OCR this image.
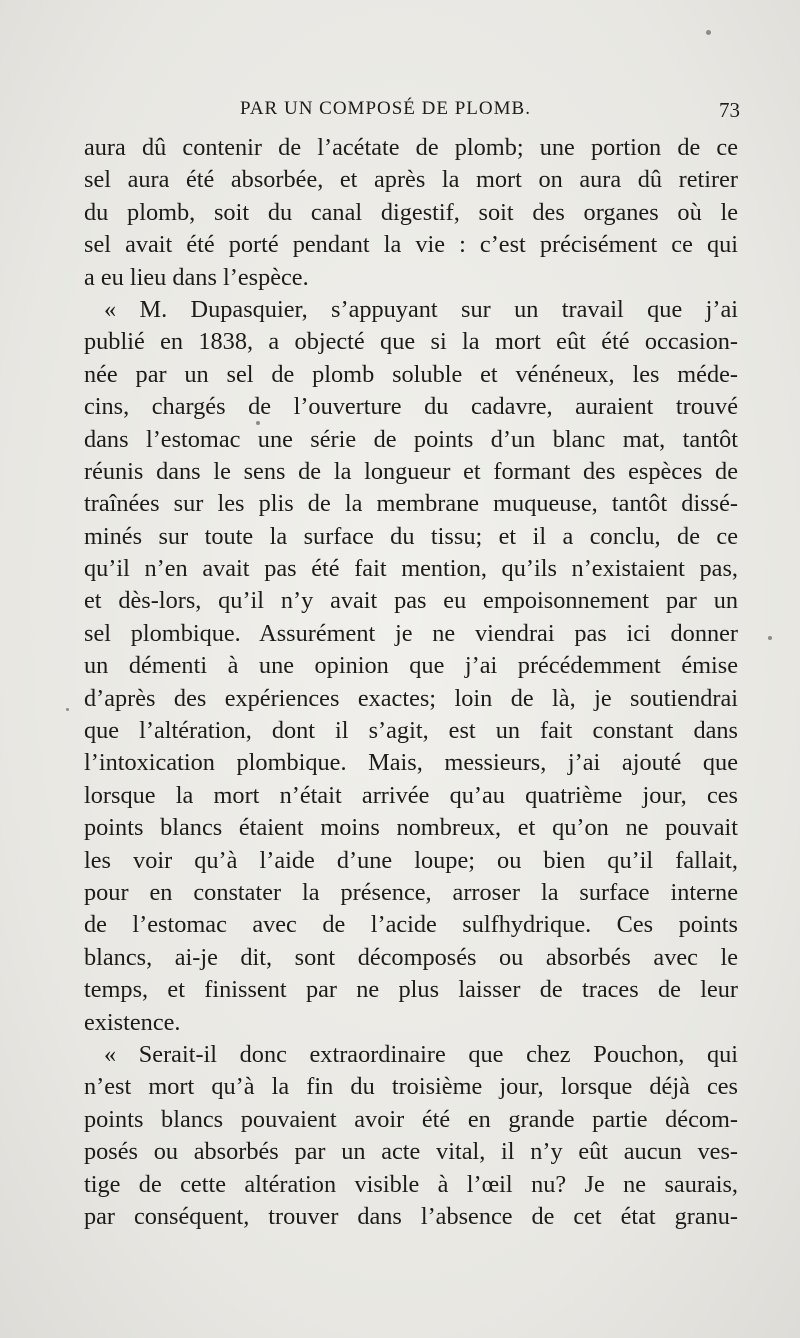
PAR UN COMPOSÉ DE PLOMB.	73
aura dû contenir de l’acétate de plomb; une portion de ce
sel aura été absorbée, et après la mort on aura dû retirer
du plomb, soit du canal digestif, soit des organes où le
sel avait été porté pendant la vie : c’est précisément ce qui
a eu lieu dans l’espèce.
« M. Dupasquier, s’appuyant sur un travail que j’ai
publié en 1838, a objecté que si la mort eût été occasion-
née par un sel de plomb soluble et vénéneux, les méde-
cins, chargés de l’ouverture du cadavre, auraient trouvé
dans l’estomac une série de points d’un blanc mat, tantôt
réunis dans le sens de la longueur et formant des espèces de
traînées sur les plis de la membrane muqueuse, tantôt dissé-
minés sur toute la surface du tissu; et il a conclu, de ce
qu’il n’en avait pas été fait mention, qu’ils n’existaient pas,
et dès-lors, qu’il n’y avait pas eu empoisonnement par un
sel plombique. Assurément je ne viendrai pas ici donner
un démenti à une opinion que j’ai précédemment émise
d’après des expériences exactes; loin de là, je soutiendrai
que l’altération, dont il s’agit, est un fait constant dans
l’intoxication plombique. Mais, messieurs, j’ai ajouté que
lorsque la mort n’était arrivée qu’au quatrième jour, ces
points blancs étaient moins nombreux, et qu’on ne pouvait
les voir qu’à l’aide d’une loupe; ou bien qu’il fallait,
pour en constater la présence, arroser la surface interne
de l’estomac avec de l’acide sulfhydrique. Ces points
blancs, ai-je dit, sont décomposés ou absorbés avec le
temps, et finissent par ne plus laisser de traces de leur
existence.
« Serait-il donc extraordinaire que chez Pouchon, qui
n’est mort qu’à la fin du troisième jour, lorsque déjà ces
points blancs pouvaient avoir été en grande partie décom-
posés ou absorbés par un acte vital, il n’y eût aucun ves-
tige de cette altération visible à l’œil nu? Je ne saurais,
par conséquent, trouver dans l’absence de cet état granu-
